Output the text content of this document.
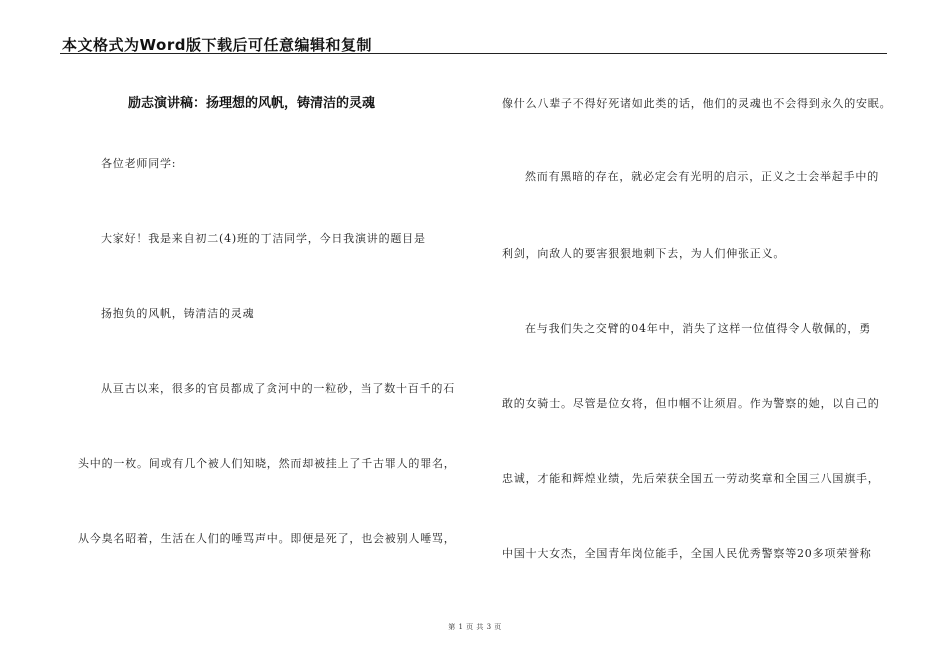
本文格式为Word版下载后可任意编辑和复制
励志演讲稿：扬理想的风帆，铸清洁的灵魂
各位老师同学:
大家好！我是来自初二(4)班的丁洁同学，今日我演讲的题目是
扬抱负的风帆，铸清洁的灵魂
从亘古以来，很多的官员都成了贪河中的一粒砂，当了数十百千的石
头中的一枚。间或有几个被人们知晓，然而却被挂上了千古罪人的罪名，
从今臭名昭着，生活在人们的唾骂声中。即便是死了，也会被别人唾骂，
像什么八辈子不得好死诸如此类的话，他们的灵魂也不会得到永久的安眠。
然而有黑暗的存在，就必定会有光明的启示，正义之士会举起手中的
利剑，向敌人的要害狠狠地刺下去，为人们伸张正义。
在与我们失之交臂的04年中，消失了这样一位值得令人敬佩的，勇
敢的女骑士。尽管是位女将，但巾帼不让须眉。作为警察的她，以自己的
忠诚，才能和辉煌业绩，先后荣获全国五一劳动奖章和全国三八国旗手，
中国十大女杰，全国青年岗位能手，全国人民优秀警察等20多项荣誉称
第 1 页 共 3 页
